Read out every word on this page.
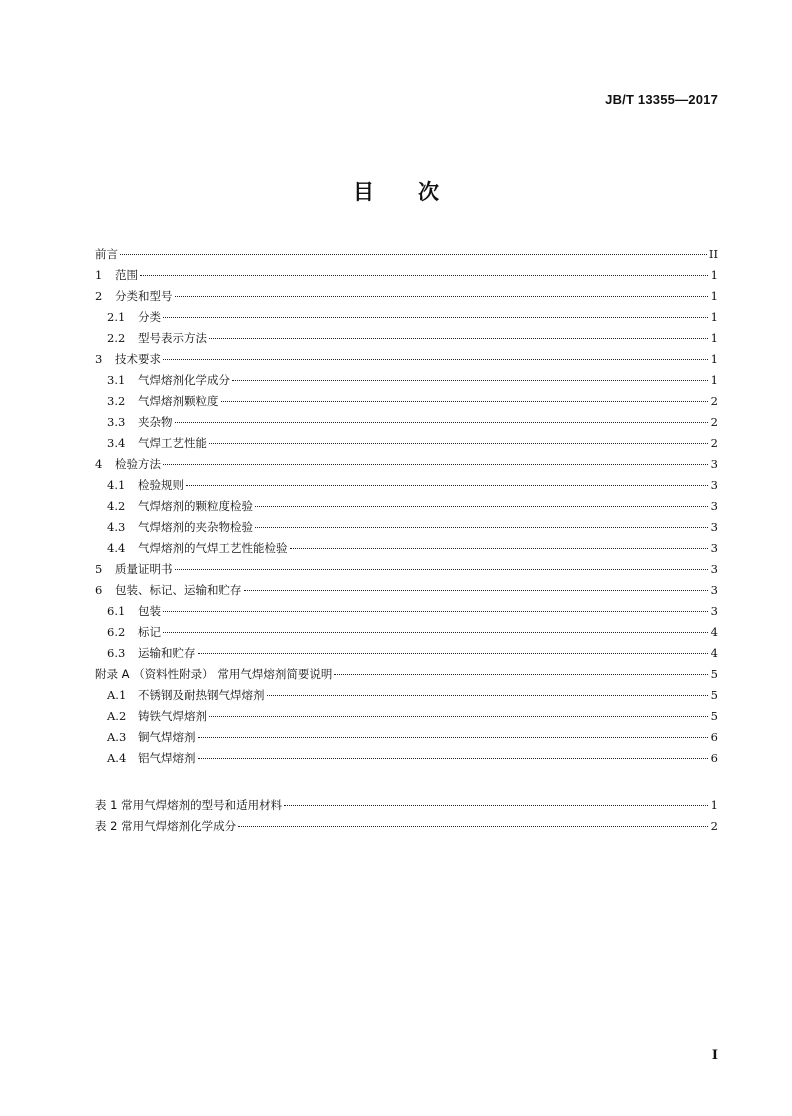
JB/T 13355—2017
目 次
前言	II
1	范围	1
2	分类和型号	1
2.1	分类	1
2.2	型号表示方法	1
3	技术要求	1
3.1	气焊熔剂化学成分	1
3.2	气焊熔剂颗粒度	2
3.3	夹杂物	2
3.4	气焊工艺性能	2
4	检验方法	3
4.1	检验规则	3
4.2	气焊熔剂的颗粒度检验	3
4.3	气焊熔剂的夹杂物检验	3
4.4	气焊熔剂的气焊工艺性能检验	3
5	质量证明书	3
6	包装、标记、运输和贮存	3
6.1	包装	3
6.2	标记	4
6.3	运输和贮存	4
附录 A （资料性附录） 常用气焊熔剂简要说明	5
A.1	不锈钢及耐热钢气焊熔剂	5
A.2	铸铁气焊熔剂	5
A.3	铜气焊熔剂	6
A.4	铝气焊熔剂	6
表 1 常用气焊熔剂的型号和适用材料	1
表 2 常用气焊熔剂化学成分	2
I
